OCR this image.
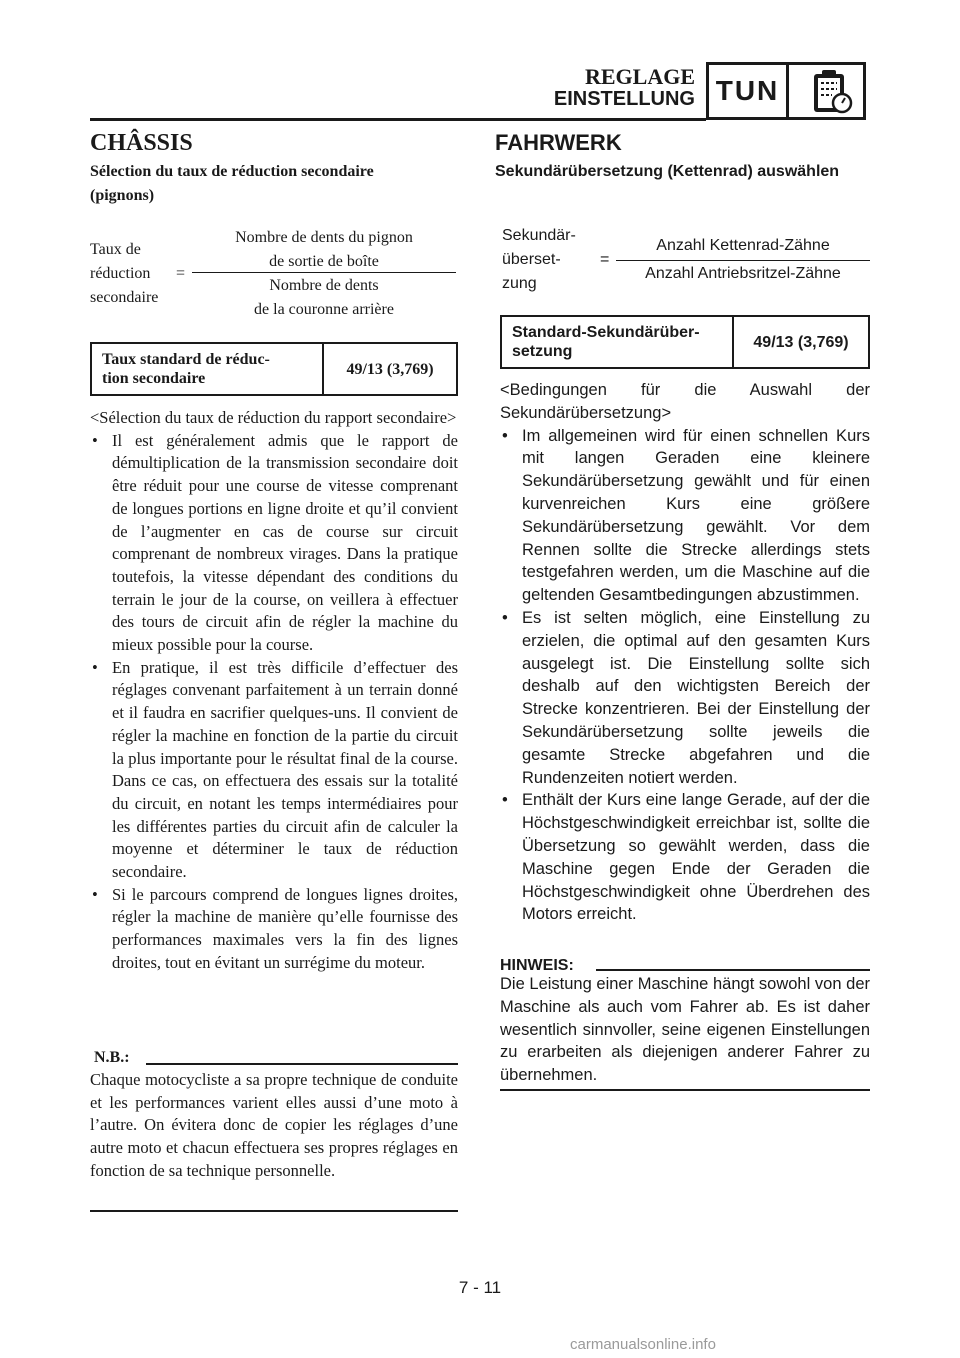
REGLAGE
EINSTELLUNG TUN
CHÂSSIS
Sélection du taux de réduction secondaire (pignons)
Taux de
réduction
secondaire
=
Nombre de dents du pignon
de sortie de boîte
Nombre de dents
de la couronne arrière
Taux standard de réduc-
tion secondaire
	49/13 (3,769)
<Sélection du taux de réduction du rapport secondaire>
• Il est généralement admis que le rapport de démultiplication de la transmission secondaire doit être réduit pour une course de vitesse comprenant de longues portions en ligne droite et qu’il convient de l’augmenter en cas de course sur circuit comprenant de nombreux virages. Dans la pratique toutefois, la vitesse dépendant des conditions du terrain le jour de la course, on veillera à effectuer des tours de circuit afin de régler la machine du mieux possible pour la course.
• En pratique, il est très difficile d’effectuer des réglages convenant parfaitement à un terrain donné et il faudra en sacrifier quelques-uns. Il convient de régler la machine en fonction de la partie du circuit la plus importante pour le résultat final de la course. Dans ce cas, on effectuera des essais sur la totalité du circuit, en notant les temps intermédiaires pour les différentes parties du circuit afin de calculer la moyenne et déterminer le taux de réduction secondaire.
• Si le parcours comprend de longues lignes droites, régler la machine de manière qu’elle fournisse des performances maximales vers la fin des lignes droites, tout en évitant un surrégime du moteur.
N.B.:
Chaque motocycliste a sa propre technique de conduite et les performances varient elles aussi d’une moto à l’autre. On évitera donc de copier les réglages d’une autre moto et chacun effectuera ses propres réglages en fonction de sa technique personnelle.
FAHRWERK
Sekundärübersetzung (Kettenrad) auswählen
Sekundär-
überset-
zung
=
Anzahl Kettenrad-Zähne
Anzahl Antriebsritzel-Zähne
Standard-Sekundärüber-
setzung
	49/13 (3,769)
<Bedingungen für die Auswahl der Sekundärübersetzung>
• Im allgemeinen wird für einen schnellen Kurs mit langen Geraden eine kleinere Sekundärübersetzung gewählt und für einen kurvenreichen Kurs eine größere Sekundärübersetzung gewählt. Vor dem Rennen sollte die Strecke allerdings stets testgefahren werden, um die Maschine auf die geltenden Gesamtbedingungen abzustimmen.
• Es ist selten möglich, eine Einstellung zu erzielen, die optimal auf den gesamten Kurs ausgelegt ist. Die Einstellung sollte sich deshalb auf den wichtigsten Bereich der Strecke konzentrieren. Bei der Einstellung der Sekundärübersetzung sollte jeweils die gesamte Strecke abgefahren und die Rundenzeiten notiert werden.
• Enthält der Kurs eine lange Gerade, auf der die Höchstgeschwindigkeit erreichbar ist, sollte die Übersetzung so gewählt werden, dass die Maschine gegen Ende der Geraden die Höchstgeschwindigkeit ohne Überdrehen des Motors erreicht.
HINWEIS:
Die Leistung einer Maschine hängt sowohl von der Maschine als auch vom Fahrer ab. Es ist daher wesentlich sinnvoller, seine eigenen Einstellungen zu erarbeiten als diejenigen anderer Fahrer zu übernehmen.
7 - 11
carmanualsonline.info
